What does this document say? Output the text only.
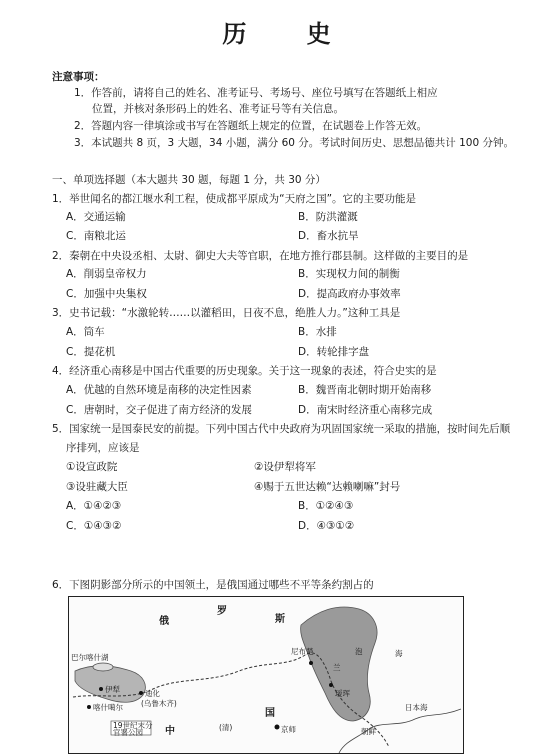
历 史
注意事项：
1．作答前，请将自己的姓名、准考证号、考场号、座位号填写在答题纸上相应
位置，并核对条形码上的姓名、准考证号等有关信息。
2．答题内容一律填涂或书写在答题纸上规定的位置，在试题卷上作答无效。
3．本试题共 8 页，3 大题，34 小题，满分 60 分。考试时间历史、思想品德共计 100 分钟。
一、单项选择题（本大题共 30 题，每题 1 分，共 30 分）
1．举世闻名的都江堰水利工程，使成都平原成为“天府之国”。它的主要功能是
A．交通运输	B．防洪灌溉
C．南粮北运	D．畜水抗旱
2．秦朝在中央设丞相、太尉、御史大夫等官职，在地方推行郡县制。这样做的主要目的是
A．削弱皇帝权力	B．实现权力间的制衡
C．加强中央集权	D．提高政府办事效率
3．史书记载：“水激轮转……以灌稻田，日夜不息，绝胜人力。”这种工具是
A．筒车	B．水排
C．提花机	D．转轮排字盘
4．经济重心南移是中国古代重要的历史现象。关于这一现象的表述，符合史实的是
A．优越的自然环境是南移的决定性因素	B．魏晋南北朝时期开始南移
C．唐朝时，交子促进了南方经济的发展	D．南宋时经济重心南移完成
5．国家统一是国泰民安的前提。下列中国古代中央政府为巩固国家统一采取的措施，按时间先后顺
序排列，应该是
①设宣政院	②设伊犁将军
③设驻藏大臣	④赐于五世达赖“达赖喇嘛”封号
A．①④②③	B．①②④③
C．①④③②	D．④③①②
6．下图阴影部分所示的中国领土，是俄国通过哪些不平等条约割占的
俄
罗
斯
尼布楚	海
兰
泡
瑷珲
巴尔喀什湖
伊犁	迪化
(乌鲁木齐)
喀什噶尔
19世纪末分
官署公园 中	(清)
国
京师
日本海
朝鲜
